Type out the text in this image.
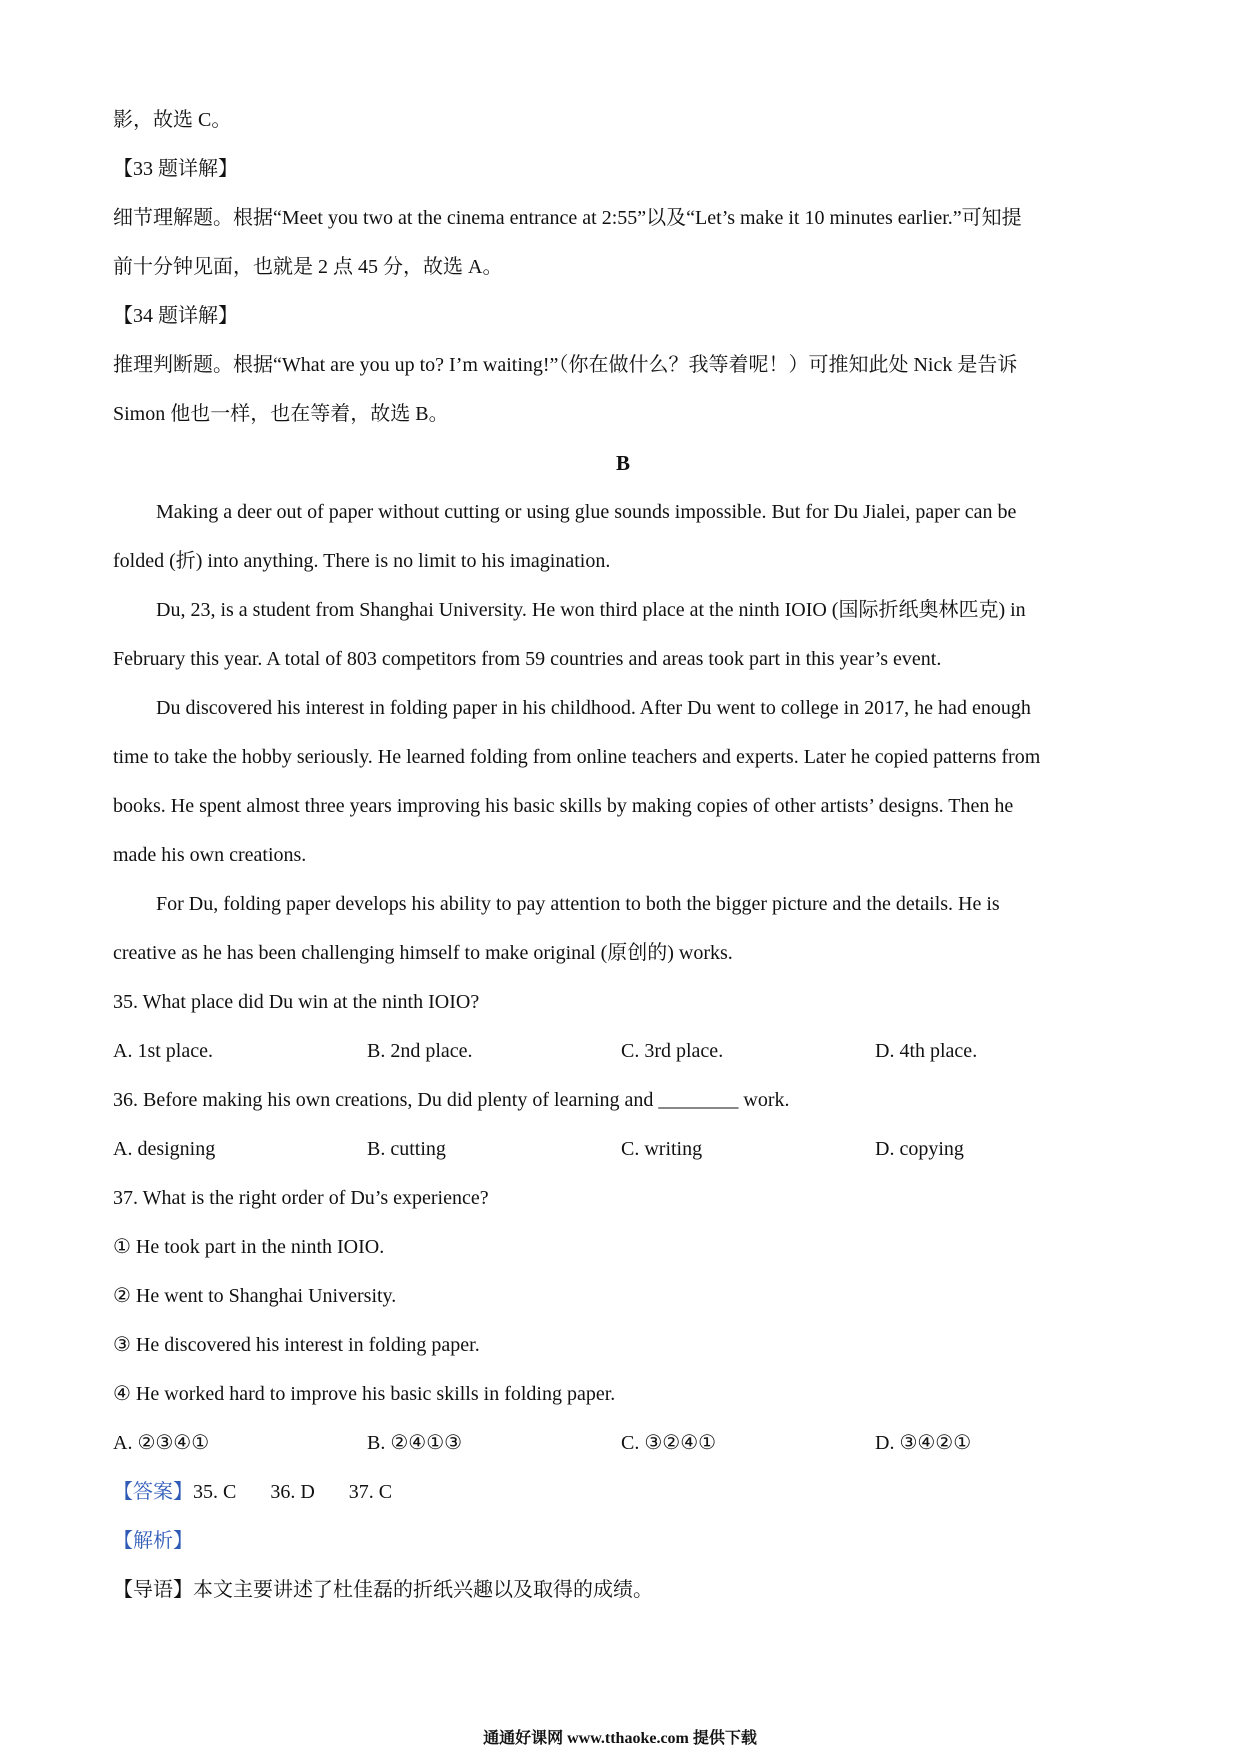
影，故选 C。
【33 题详解】
细节理解题。根据“Meet you two at the cinema entrance at 2:55”以及“Let’s make it 10 minutes earlier.”可知提
前十分钟见面，也就是 2 点 45 分，故选 A。
【34 题详解】
推理判断题。根据“What are you up to? I’m waiting!”（你在做什么？我等着呢！）可推知此处 Nick 是告诉
Simon 他也一样，也在等着，故选 B。
B
Making a deer out of paper without cutting or using glue sounds impossible. But for Du Jialei, paper can be
folded (折) into anything. There is no limit to his imagination.
Du, 23, is a student from Shanghai University. He won third place at the ninth IOIO (国际折纸奥林匹克) in
February this year. A total of 803 competitors from 59 countries and areas took part in this year’s event.
Du discovered his interest in folding paper in his childhood. After Du went to college in 2017, he had enough
time to take the hobby seriously. He learned folding from online teachers and experts. Later he copied patterns from
books. He spent almost three years improving his basic skills by making copies of other artists’ designs. Then he
made his own creations.
For Du, folding paper develops his ability to pay attention to both the bigger picture and the details. He is
creative as he has been challenging himself to make original (原创的) works.
35. What place did Du win at the ninth IOIO?
A. 1st place.	B. 2nd place.	C. 3rd place.	D. 4th place.
36. Before making his own creations, Du did plenty of learning and ________ work.
A. designing	B. cutting	C. writing	D. copying
37. What is the right order of Du’s experience?
① He took part in the ninth IOIO.
② He went to Shanghai University.
③ He discovered his interest in folding paper.
④ He worked hard to improve his basic skills in folding paper.
A. ②③④①	B. ②④①③	C. ③②④①	D. ③④②①
【答案】35. C 36. D 37. C
【解析】
【导语】本文主要讲述了杜佳磊的折纸兴趣以及取得的成绩。
通通好课网 www.tthaoke.com 提供下载
